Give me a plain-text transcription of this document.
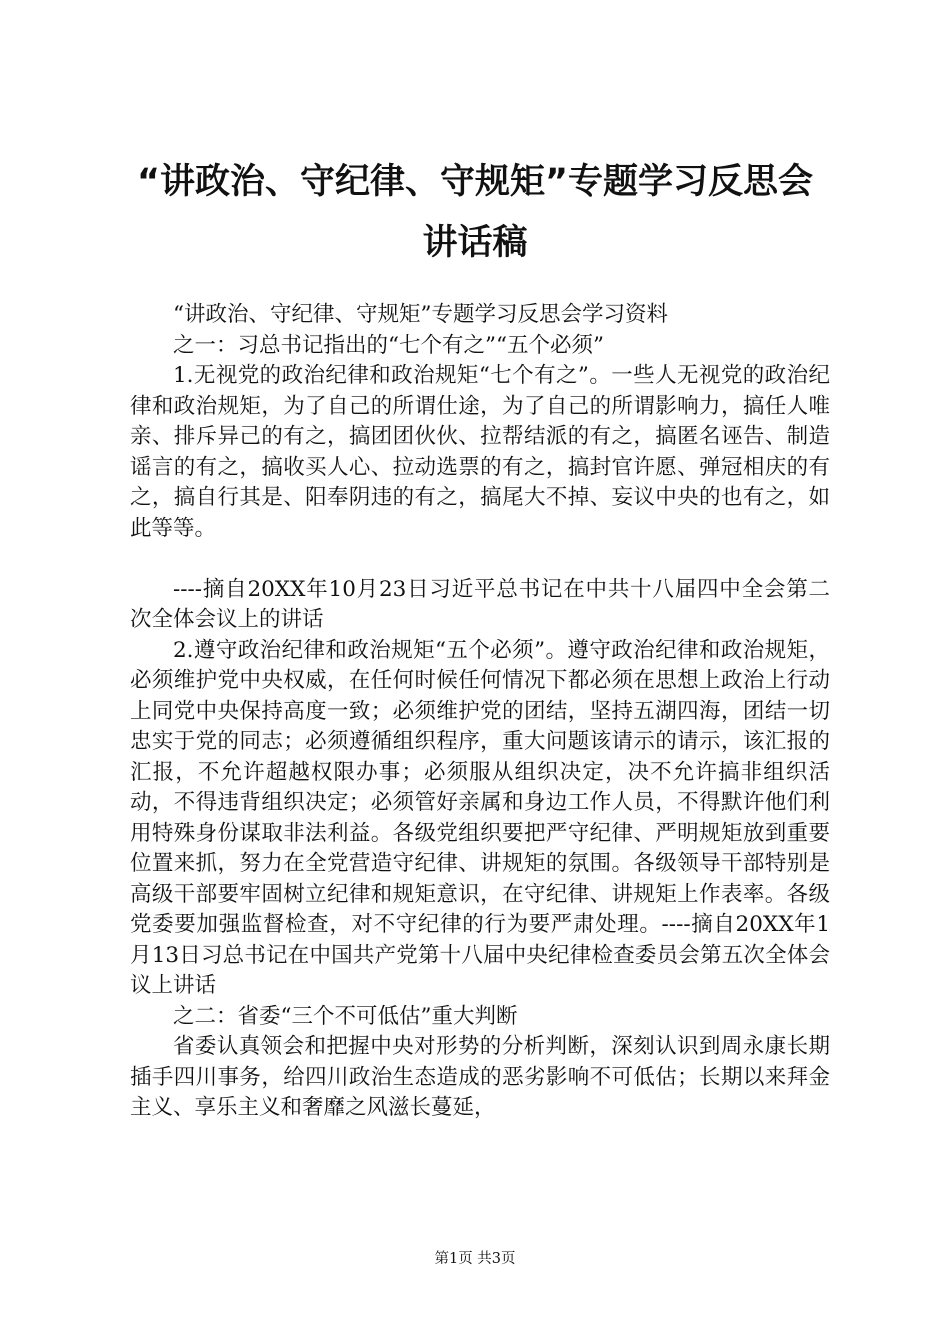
“讲政治、守纪律、守规矩”专题学习反思会
讲话稿

“讲政治、守纪律、守规矩”专题学习反思会学习资料

之一：习总书记指出的“七个有之”“五个必须”

1.无视党的政治纪律和政治规矩“七个有之”。一些人无视党的政治纪律和政治规矩，为了自己的所谓仕途，为了自己的所谓影响力，搞任人唯亲、排斥异己的有之，搞团团伙伙、拉帮结派的有之，搞匿名诬告、制造谣言的有之，搞收买人心、拉动选票的有之，搞封官许愿、弹冠相庆的有之，搞自行其是、阳奉阴违的有之，搞尾大不掉、妄议中央的也有之，如此等等。

----摘自20XX年10月23日习近平总书记在中共十八届四中全会第二次全体会议上的讲话

2.遵守政治纪律和政治规矩“五个必须”。遵守政治纪律和政治规矩，必须维护党中央权威，在任何时候任何情况下都必须在思想上政治上行动上同党中央保持高度一致；必须维护党的团结，坚持五湖四海，团结一切忠实于党的同志；必须遵循组织程序，重大问题该请示的请示，该汇报的汇报，不允许超越权限办事；必须服从组织决定，决不允许搞非组织活动，不得违背组织决定；必须管好亲属和身边工作人员，不得默许他们利用特殊身份谋取非法利益。各级党组织要把严守纪律、严明规矩放到重要位置来抓，努力在全党营造守纪律、讲规矩的氛围。各级领导干部特别是高级干部要牢固树立纪律和规矩意识，在守纪律、讲规矩上作表率。各级党委要加强监督检查，对不守纪律的行为要严肃处理。----摘自20XX年1月13日习总书记在中国共产党第十八届中央纪律检查委员会第五次全体会议上讲话

之二：省委“三个不可低估”重大判断

省委认真领会和把握中央对形势的分析判断，深刻认识到周永康长期插手四川事务，给四川政治生态造成的恶劣影响不可低估；长期以来拜金主义、享乐主义和奢靡之风滋长蔓延，

第1页 共3页
